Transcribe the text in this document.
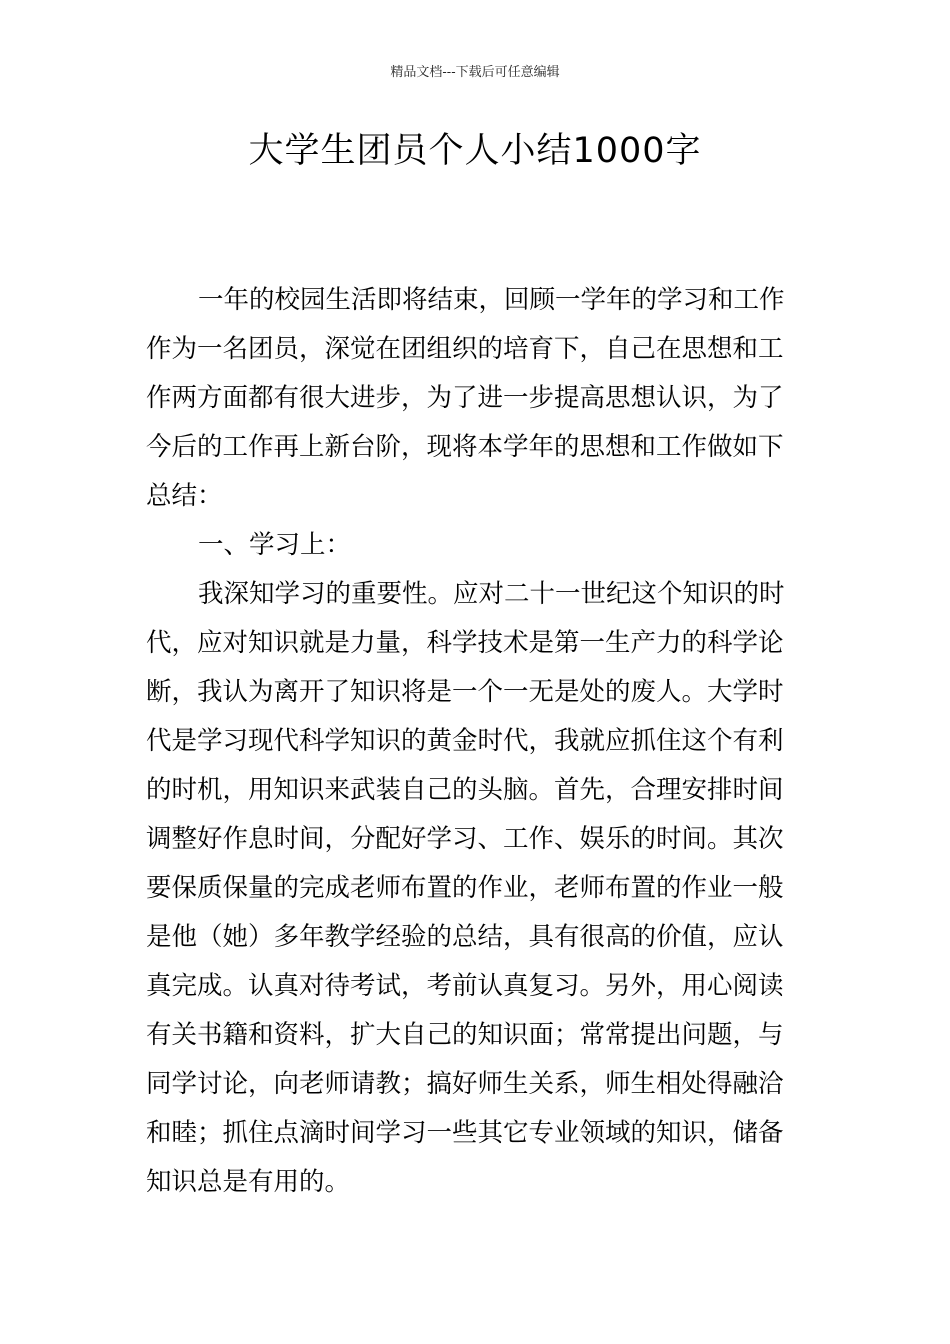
精品文档---下载后可任意编辑
大学生团员个人小结1000字
一年的校园生活即将结束，回顾一学年的学习和工作
作为一名团员，深觉在团组织的培育下，自己在思想和工
作两方面都有很大进步，为了进一步提高思想认识，为了
今后的工作再上新台阶，现将本学年的思想和工作做如下
总结：
一、学习上：
我深知学习的重要性。应对二十一世纪这个知识的时
代，应对知识就是力量，科学技术是第一生产力的科学论
断，我认为离开了知识将是一个一无是处的废人。大学时
代是学习现代科学知识的黄金时代，我就应抓住这个有利
的时机，用知识来武装自己的头脑。首先，合理安排时间
调整好作息时间，分配好学习、工作、娱乐的时间。其次
要保质保量的完成老师布置的作业，老师布置的作业一般
是他（她）多年教学经验的总结，具有很高的价值，应认
真完成。认真对待考试，考前认真复习。另外，用心阅读
有关书籍和资料，扩大自己的知识面；常常提出问题，与
同学讨论，向老师请教；搞好师生关系，师生相处得融洽
和睦；抓住点滴时间学习一些其它专业领域的知识，储备
知识总是有用的。
